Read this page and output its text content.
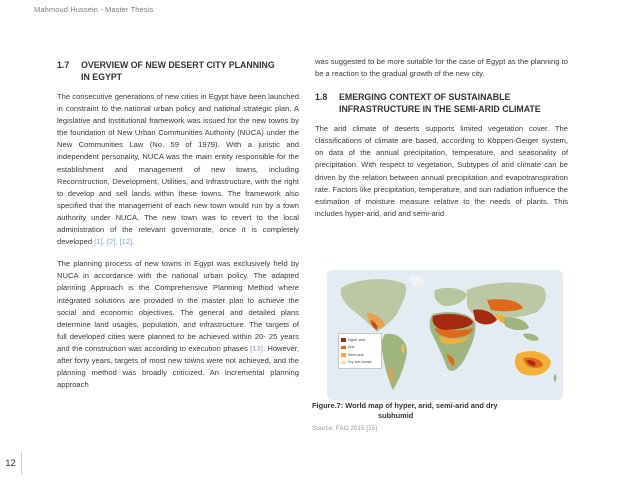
Mahmoud Hussein - Master Thesis
1.7	OVERVIEW OF NEW DESERT CITY PLANNING
IN EGYPT

The consecutive generations of new cities in Egypt have been launched in constraint to the national urban policy and national strategic plan. A legislative and Institutional framework was issued for the new towns by the foundation of New Urban Communities Authority (NUCA) under the New Communities Law (No. 59 of 1979). With a juristic and independent personality, NUCA was the main entity responsible for the establishment and management of new towns, including Reconstruction, Development, Utilities, and Infrastructure, with the right to develop and sell lands within these towns. The framework also specified that the management of each new town would run by a town authority under NUCA. The new town was to revert to the local administration of the relevant governorate, once it is completely developed [1], [2], [12].

The planning process of new towns in Egypt was exclusively held by NUCA in accordance with the national urban policy. The adapted planning Approach is the Comprehensive Planning Method where integrated solutions are provided in the master plan to achieve the social and economic objectives. The general and detailed plans determine land usages, population, and infrastructure. The targets of full developed cities were planned to be achieved within 20- 25 years and the construction was according to execution phases [13]. However, after forty years, targets of most new towns were not achieved, and the planning method was broadly criticized. An Incremental planning approach

was suggested to be more suitable for the case of Egypt as the planning to be a reaction to the gradual growth of the new city.

1.8	EMERGING CONTEXT OF SUSTAINABLE
INFRASTRUCTURE IN THE SEMI-ARID CLIMATE

The arid climate of deserts supports limited vegetation cover. The classifications of climate are based, according to Köppen-Geiger system, on data of the annual precipitation, temperature, and seasonality of precipitation. With respect to vegetation, Subtypes of arid climate can be driven by the relation between annual precipitation and evapotranspiration rate. Factors like precipitation, temperature, and sun radiation influence the estimation of moisture measure relative to the needs of plants. This includes hyper-arid, arid and semi-arid

Hyper-arid
Arid
Semi-arid
Dry sub-humid
Figure.7: World map of hyper, arid, semi-arid and dry
subhumid
Source: FAO 2015 [15]
12
